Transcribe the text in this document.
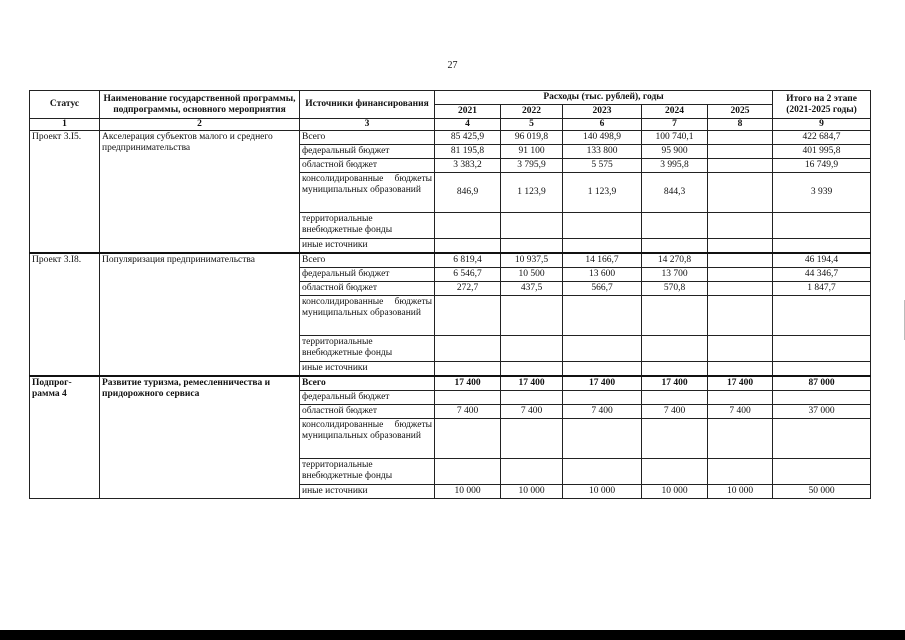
27
Статус	Наименование государственной программы, подпрограммы, основного мероприятия	Источники финансирования	Расходы (тыс. рублей), годы					Итого на 2 этапе (2021-2025 годы)
			2021	2022	2023	2024	2025	
1	2	3	4	5	6	7	8	9
Проект 3.I5.	Акселерация субъектов малого и среднего предпринимательства	Всего	85 425,9	96 019,8	140 498,9	100 740,1		422 684,7
		федеральный бюджет	81 195,8	91 100	133 800	95 900		401 995,8
		областной бюджет	3 383,2	3 795,9	5 575	3 995,8		16 749,9
		консолидированные бюджеты муниципальных образований	846,9	1 123,9	1 123,9	844,3		3 939
		территориальные внебюджетные фонды						
		иные источники						
Проект 3.I8.	Популяризация предпринимательства	Всего	6 819,4	10 937,5	14 166,7	14 270,8		46 194,4
		федеральный бюджет	6 546,7	10 500	13 600	13 700		44 346,7
		областной бюджет	272,7	437,5	566,7	570,8		1 847,7
		консолидированные бюджеты муниципальных образований						
		территориальные внебюджетные фонды						
		иные источники						
Подпрог-рамма 4	Развитие туризма, ремесленничества и придорожного сервиса	Всего	17 400	17 400	17 400	17 400	17 400	87 000
		федеральный бюджет						
		областной бюджет	7 400	7 400	7 400	7 400	7 400	37 000
		консолидированные бюджеты муниципальных образований						
		территориальные внебюджетные фонды						
		иные источники	10 000	10 000	10 000	10 000	10 000	50 000
